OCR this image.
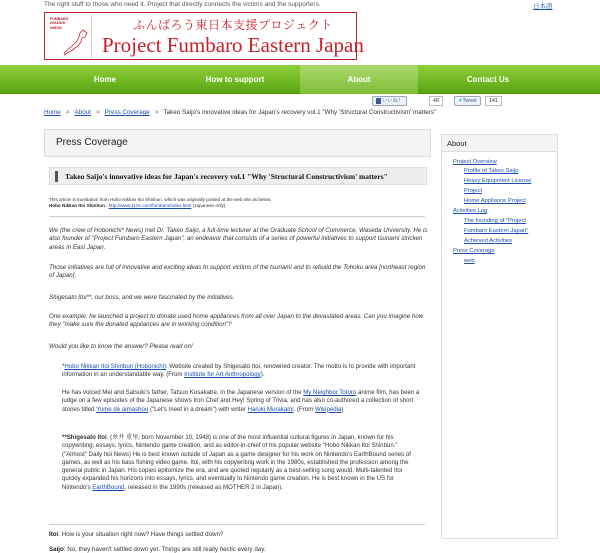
The right stuff to those who need it. Project that directly connects the victims and the supporters.	日本語
FUMBARO
HIGASHI
NIHON	ふんばろう東日本支援プロジェクト
Project Fumbaro Eastern Japan
Home	How to support	About	Contact Us
いいね！	48	✦Tweet	141
Home > About > Press Coverage > Takeo Saijo's innovative ideas for Japan's recovery vol.1 "Why 'Structural Constructivism' matters"
Press Coverage
Takeo Saijo's innovative ideas for Japan's recovery vol.1 "Why 'Structural Constructivism' matters"
This article is translation from Hobo Nikkan Itoi Shinbun, which was originally posted at the web site as below.
Hobo Nikkan Itoi Shinbun : http://www.1101.com/fumbaro/index.html (Japanese only)
We (the crew of Hobonichi* News) met Dr. Takeo Saijo, a full-time lecturer at the Graduate School of Commerce, Waseda University. He is also founder of "Project Fumbaro Eastern Japan", an endeavor that consists of a series of powerful initiatives to support tsunami stricken areas in East Japan.
Those initiatives are full of innovative and exciting ideas to support victims of the tsunami and to rebuild the Tohoku area [northeast region of Japan].
Shigesato Itoi**, our boss, and we were fascinated by the initiatives.
One example: he launched a project to donate used home appliances from all over Japan to the devastated areas. Can you imagine how they "make sure the donated appliances are in working condition"?
Would you like to know the answer? Please read on!
*Hobo Nikkan Itoi Shinbun (Hobonichi): Website created by Shigesato Itoi, renowned creator. The motto is to provide with important information in an understandable way. (From Institute for Art Anthropology).
He has voiced Mei and Satsuki's father, Tatsuo Kusakabe, in the Japanese version of the My Neighbor Totoro anime film, has been a judge on a few episodes of the Japanese shows Iron Chef and Hey! Spring of Trivia, and has also co-authored a collection of short stories titled Yume de aimashou ("Let's meet in a dream") with writer Haruki Murakami. (From Wikipedia)
**Shigesato Itoi: (糸井 重里, born November 10, 1948) is one of the most influential cultural figures in Japan, known for his copywriting, essays, lyrics, Nintendo game creation, and as editor-in-chief of his popular website "Hobo Nikkan Itoi Shinbun." ("Almost" Daily Itoi News) He is best known outside of Japan as a game designer for his work on Nintendo's EarthBound series of games, as well as his bass fishing video game. Itoi, with his copywriting work in the 1980s, established the profession among the general public in Japan. His copies epitomize the era, and are quoted regularly as a best-selling song would. Multi-talented Itoi quickly expanded his horizons into essays, lyrics, and eventually to Nintendo game creation. He is best known in the US for Nintendo's EarthBound, released in the 1990s (released as MOTHER 2 in Japan).
Itoi: How is your situation right now? Have things settled down?
Saijo: No, they haven't settled down yet. Things are still really hectic every day.
About
Project Overview
Profile of Takeo Saijo
Heavy Equipment License
Project
Home Appliance Project
Activities Log
The founding of "Project
Fumbaro Eastern Japan"
Achieved Activities
Press Coverage
web
